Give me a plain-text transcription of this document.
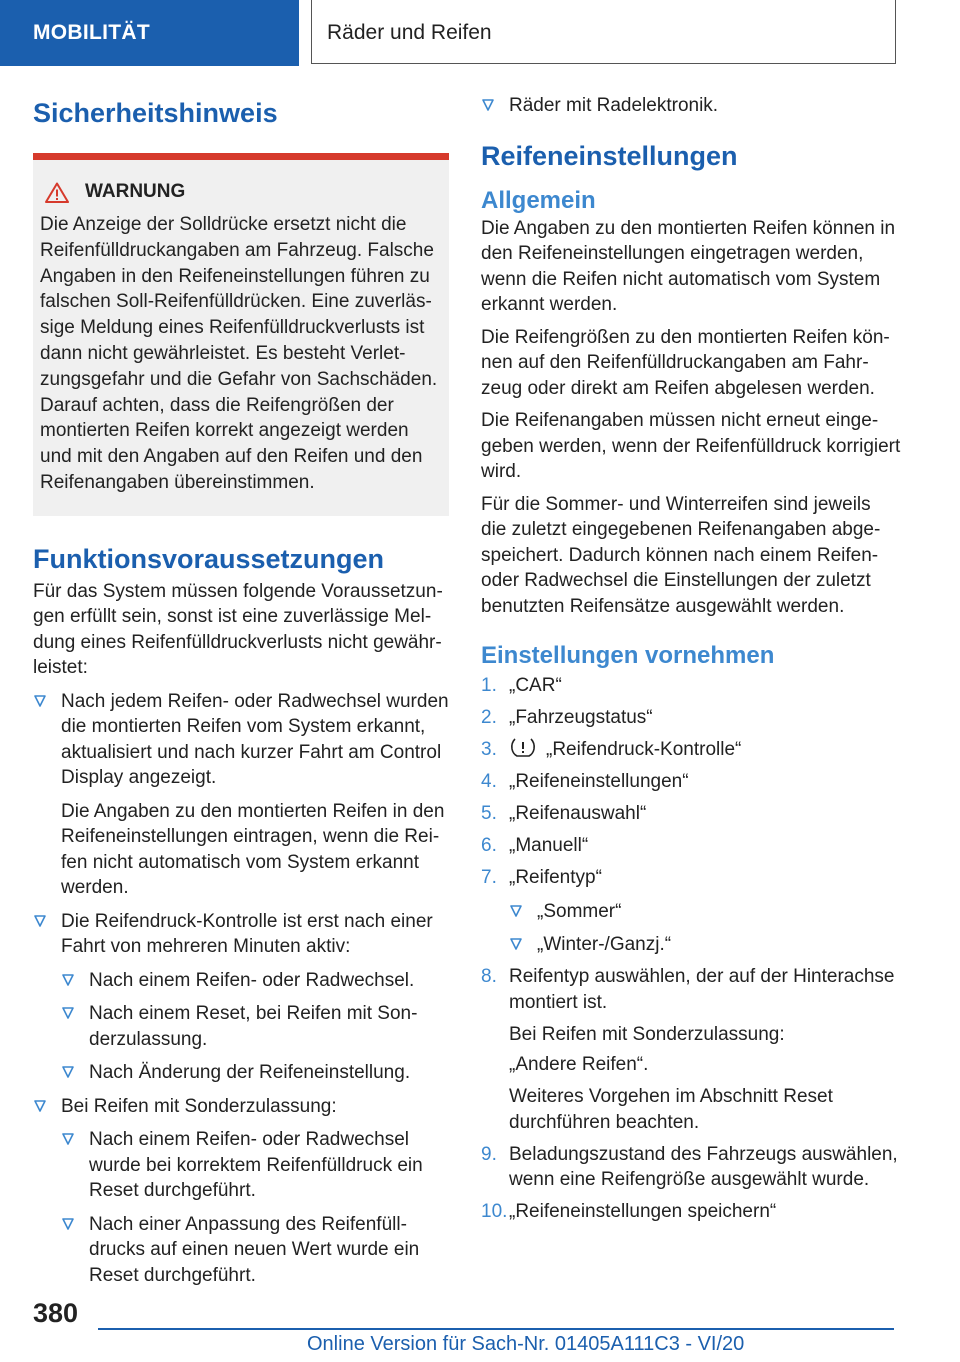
MOBILITÄT	Räder und Reifen
Sicherheitshinweis
WARNUNG

Die Anzeige der Solldrücke ersetzt nicht die Reifenfülldruckangaben am Fahrzeug. Falsche Angaben in den Reifeneinstellungen führen zu falschen Soll-Reifenfülldrücken. Eine zuverlässige Meldung eines Reifenfülldruckverlusts ist dann nicht gewährleistet. Es besteht Verletzungsgefahr und die Gefahr von Sachschäden. Darauf achten, dass die Reifengrößen der montierten Reifen korrekt angezeigt werden und mit den Angaben auf den Reifen und den Reifenangaben übereinstimmen.

Funktionsvoraussetzungen

Für das System müssen folgende Voraussetzungen erfüllt sein, sonst ist eine zuverlässige Meldung eines Reifenfülldruckverlusts nicht gewährleistet:

Nach jedem Reifen- oder Radwechsel wurden die montierten Reifen vom System erkannt, aktualisiert und nach kurzer Fahrt am Control Display angezeigt.

Die Angaben zu den montierten Reifen in den Reifeneinstellungen eintragen, wenn die Reifen nicht automatisch vom System erkannt werden.

Die Reifendruck-Kontrolle ist erst nach einer Fahrt von mehreren Minuten aktiv:

Nach einem Reifen- oder Radwechsel.

Nach einem Reset, bei Reifen mit Sonderzulassung.

Nach Änderung der Reifeneinstellung.

Bei Reifen mit Sonderzulassung:

Nach einem Reifen- oder Radwechsel wurde bei korrektem Reifenfülldruck ein Reset durchgeführt.

Nach einer Anpassung des Reifenfülldrucks auf einen neuen Wert wurde ein Reset durchgeführt.

Räder mit Radelektronik.

Reifeneinstellungen
Allgemein

Die Angaben zu den montierten Reifen können in den Reifeneinstellungen eingetragen werden, wenn die Reifen nicht automatisch vom System erkannt werden.

Die Reifengrößen zu den montierten Reifen können auf den Reifenfülldruckangaben am Fahrzeug oder direkt am Reifen abgelesen werden.

Die Reifenangaben müssen nicht erneut eingegeben werden, wenn der Reifenfülldruck korrigiert wird.

Für die Sommer- und Winterreifen sind jeweils die zuletzt eingegebenen Reifenangaben abgespeichert. Dadurch können nach einem Reifen- oder Radwechsel die Einstellungen der zuletzt benutzten Reifensätze ausgewählt werden.

Einstellungen vornehmen
1. „CAR“

2. „Fahrzeugstatus“

3.	„Reifendruck-Kontrolle“

4. „Reifeneinstellungen“

5. „Reifenauswahl“

6. „Manuell“

7. „Reifentyp“

„Sommer“

„Winter-/Ganzj.“

8. Reifentyp auswählen, der auf der Hinterachse montiert ist.

Bei Reifen mit Sonderzulassung:

„Andere Reifen“.

Weiteres Vorgehen im Abschnitt Reset durchführen beachten.

9. Beladungszustand des Fahrzeugs auswählen, wenn eine Reifengröße ausgewählt wurde.

10. „Reifeneinstellungen speichern“

380
Online Version für Sach-Nr. 01405A111C3 - VI/20
